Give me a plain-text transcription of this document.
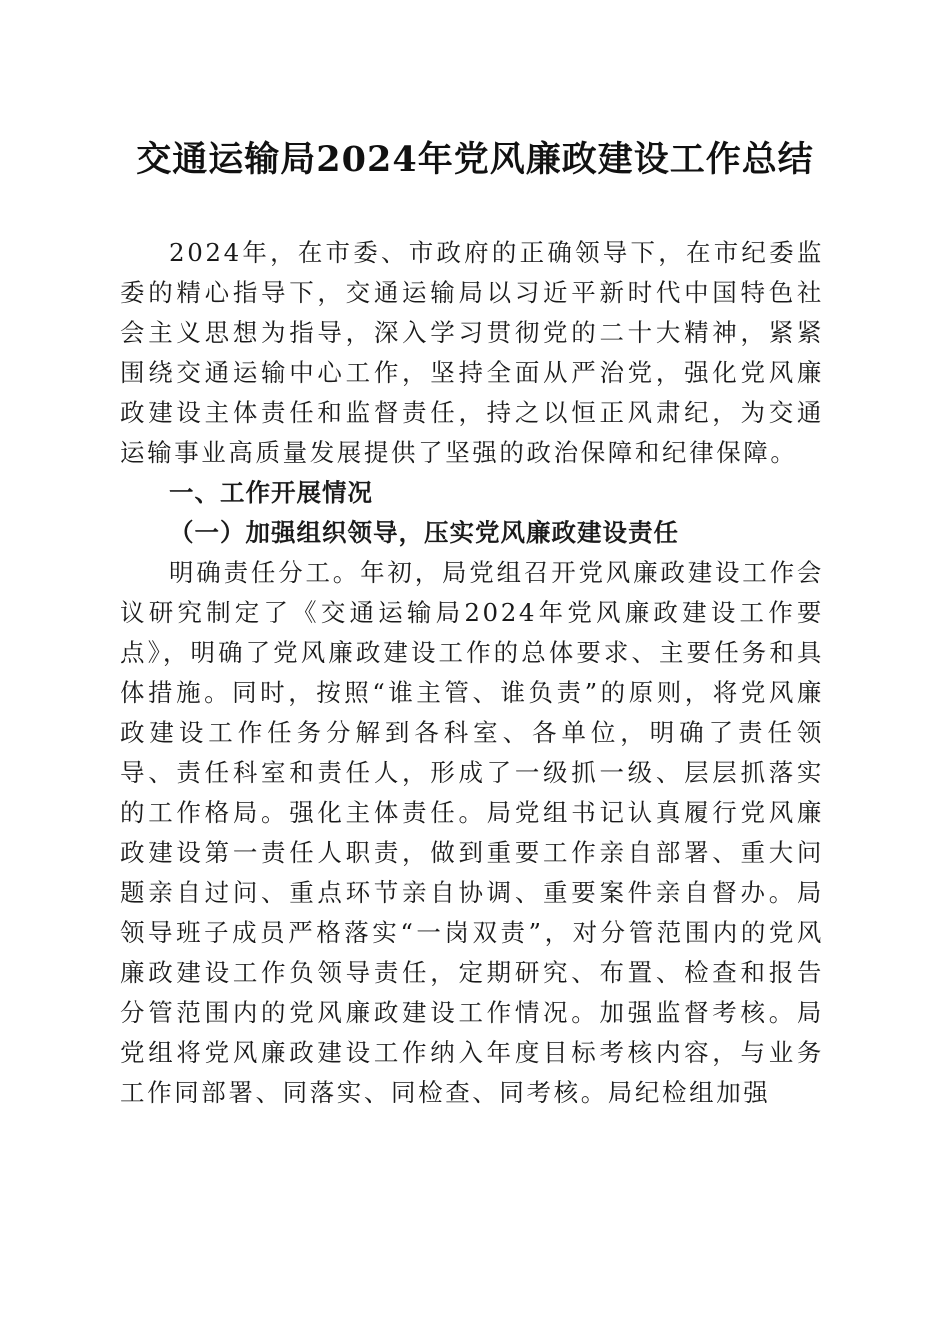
交通运输局2024年党风廉政建设工作总结

2024年，在市委、市政府的正确领导下，在市纪委监委的精心指导下，交通运输局以习近平新时代中国特色社会主义思想为指导，深入学习贯彻党的二十大精神，紧紧围绕交通运输中心工作，坚持全面从严治党，强化党风廉政建设主体责任和监督责任，持之以恒正风肃纪，为交通运输事业高质量发展提供了坚强的政治保障和纪律保障。

一、工作开展情况

（一）加强组织领导，压实党风廉政建设责任

明确责任分工。年初，局党组召开党风廉政建设工作会议研究制定了《交通运输局2024年党风廉政建设工作要点》，明确了党风廉政建设工作的总体要求、主要任务和具体措施。同时，按照“谁主管、谁负责”的原则，将党风廉政建设工作任务分解到各科室、各单位，明确了责任领导、责任科室和责任人，形成了一级抓一级、层层抓落实的工作格局。强化主体责任。局党组书记认真履行党风廉政建设第一责任人职责，做到重要工作亲自部署、重大问题亲自过问、重点环节亲自协调、重要案件亲自督办。局领导班子成员严格落实“一岗双责”，对分管范围内的党风廉政建设工作负领导责任，定期研究、布置、检查和报告分管范围内的党风廉政建设工作情况。加强监督考核。局党组将党风廉政建设工作纳入年度目标考核内容，与业务工作同部署、同落实、同检查、同考核。局纪检组加强
